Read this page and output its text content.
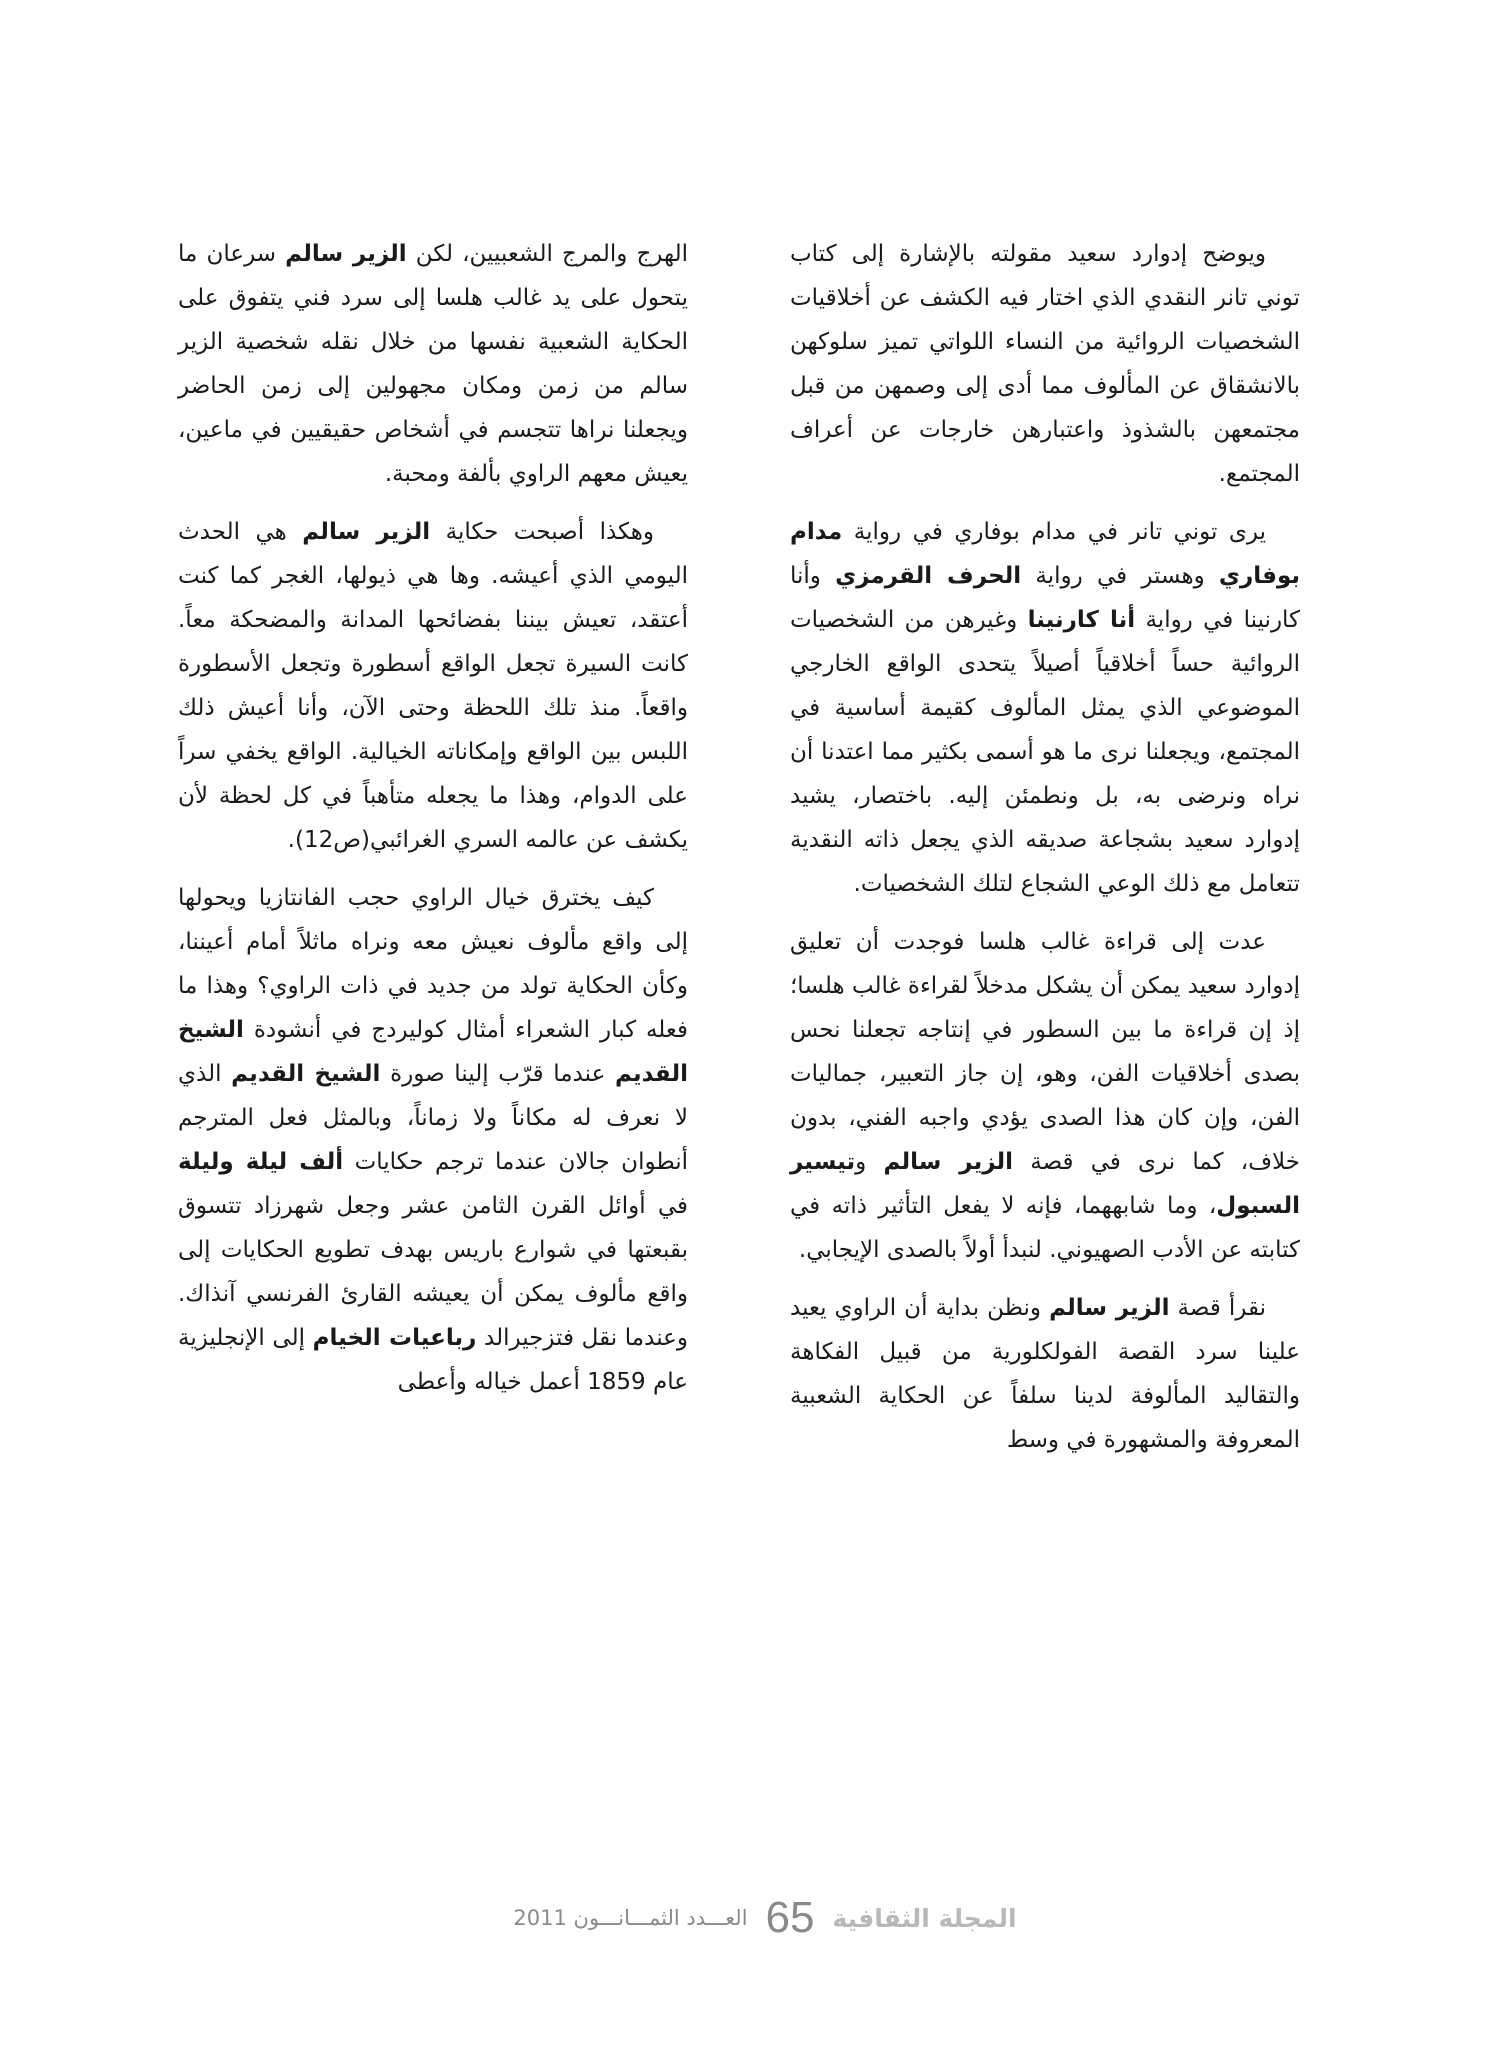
ويوضح إدوارد سعيد مقولته بالإشارة إلى كتاب توني تانر النقدي الذي اختار فيه الكشف عن أخلاقيات الشخصيات الروائية من النساء اللواتي تميز سلوكهن بالانشقاق عن المألوف مما أدى إلى وصمهن من قبل مجتمعهن بالشذوذ واعتبارهن خارجات عن أعراف المجتمع.

يرى توني تانر في مدام بوفاري في رواية مدام بوفاري وهستر في رواية الحرف القرمزي وأنا كارنينا في رواية أنا كارنينا وغيرهن من الشخصيات الروائية حساً أخلاقياً أصيلاً يتحدى الواقع الخارجي الموضوعي الذي يمثل المألوف كقيمة أساسية في المجتمع، ويجعلنا نرى ما هو أسمى بكثير مما اعتدنا أن نراه ونرضى به، بل ونطمئن إليه. باختصار، يشيد إدوارد سعيد بشجاعة صديقه الذي يجعل ذاته النقدية تتعامل مع ذلك الوعي الشجاع لتلك الشخصيات.

عدت إلى قراءة غالب هلسا فوجدت أن تعليق إدوارد سعيد يمكن أن يشكل مدخلاً لقراءة غالب هلسا؛ إذ إن قراءة ما بين السطور في إنتاجه تجعلنا نحس بصدى أخلاقيات الفن، وهو، إن جاز التعبير، جماليات الفن، وإن كان هذا الصدى يؤدي واجبه الفني، بدون خلاف، كما نرى في قصة الزير سالم وتيسير السبول، وما شابههما، فإنه لا يفعل التأثير ذاته في كتابته عن الأدب الصهيوني. لنبدأ أولاً بالصدى الإيجابي.

نقرأ قصة الزير سالم ونظن بداية أن الراوي يعيد علينا سرد القصة الفولكلورية من قبيل الفكاهة والتقاليد المألوفة لدينا سلفاً عن الحكاية الشعبية المعروفة والمشهورة في وسط

الهرج والمرج الشعبيين، لكن الزير سالم سرعان ما يتحول على يد غالب هلسا إلى سرد فني يتفوق على الحكاية الشعبية نفسها من خلال نقله شخصية الزير سالم من زمن ومكان مجهولين إلى زمن الحاضر ويجعلنا نراها تتجسم في أشخاص حقيقيين في ماعين، يعيش معهم الراوي بألفة ومحبة.

وهكذا أصبحت حكاية الزير سالم هي الحدث اليومي الذي أعيشه. وها هي ذيولها، الغجر كما كنت أعتقد، تعيش بيننا بفضائحها المدانة والمضحكة معاً. كانت السيرة تجعل الواقع أسطورة وتجعل الأسطورة واقعاً. منذ تلك اللحظة وحتى الآن، وأنا أعيش ذلك اللبس بين الواقع وإمكاناته الخيالية. الواقع يخفي سراً على الدوام، وهذا ما يجعله متأهباً في كل لحظة لأن يكشف عن عالمه السري الغرائبي(ص12).

كيف يخترق خيال الراوي حجب الفانتازيا ويحولها إلى واقع مألوف نعيش معه ونراه ماثلاً أمام أعيننا، وكأن الحكاية تولد من جديد في ذات الراوي؟ وهذا ما فعله كبار الشعراء أمثال كوليردج في أنشودة الشيخ القديم عندما قرّب إلينا صورة الشيخ القديم الذي لا نعرف له مكاناً ولا زماناً، وبالمثل فعل المترجم أنطوان جالان عندما ترجم حكايات ألف ليلة وليلة في أوائل القرن الثامن عشر وجعل شهرزاد تتسوق بقبعتها في شوارع باريس بهدف تطويع الحكايات إلى واقع مألوف يمكن أن يعيشه القارئ الفرنسي آنذاك. وعندما نقل فتزجيرالد رباعيات الخيام إلى الإنجليزية عام 1859 أعمل خياله وأعطى

العـــدد الثمـــانـــون 2011 65 المجلة الثقافية
